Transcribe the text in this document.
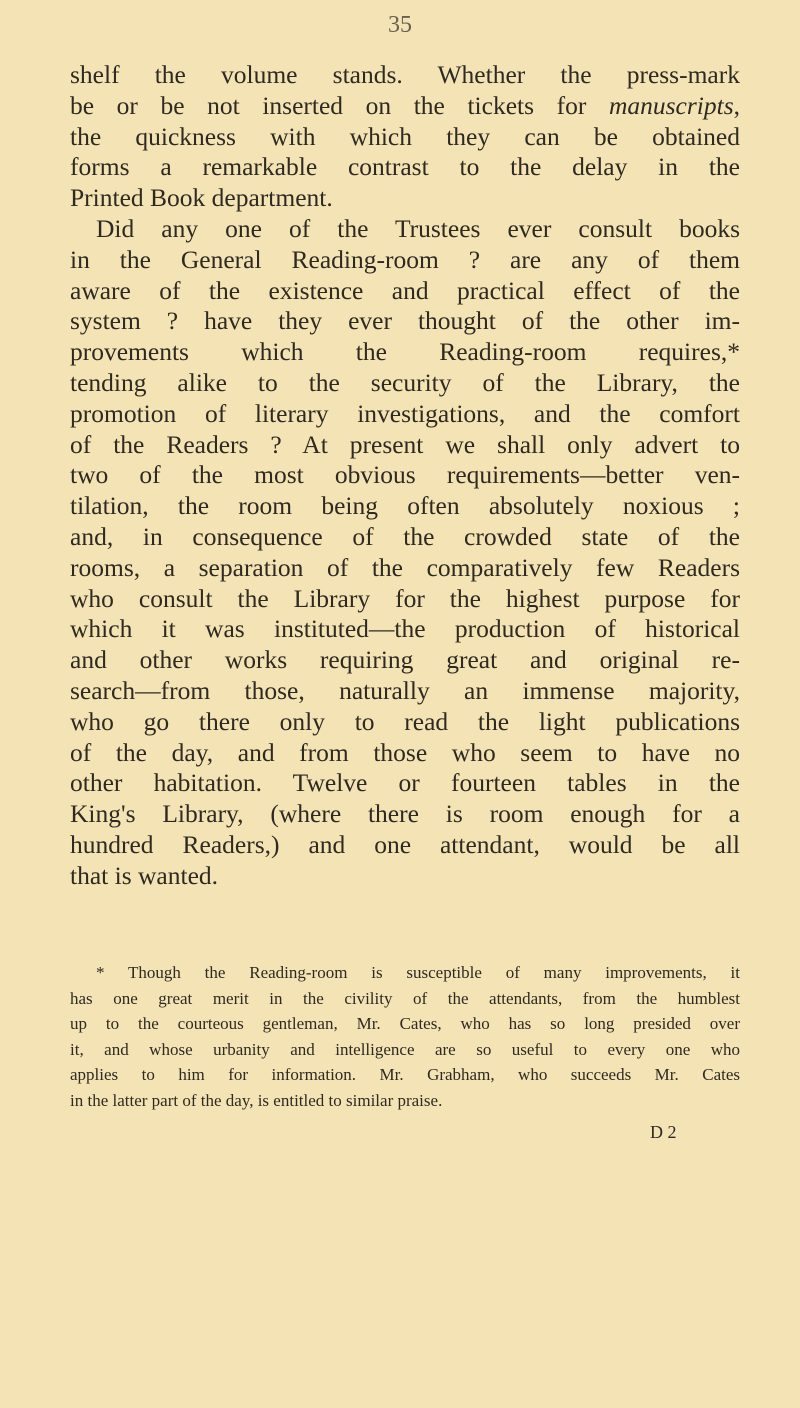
35
shelf the volume stands. Whether the press-mark
be or be not inserted on the tickets for manuscripts,
the quickness with which they can be obtained
forms a remarkable contrast to the delay in the
Printed Book department.
Did any one of the Trustees ever consult books
in the General Reading-room ? are any of them
aware of the existence and practical effect of the
system ? have they ever thought of the other im-
provements which the Reading-room requires,*
tending alike to the security of the Library, the
promotion of literary investigations, and the comfort
of the Readers ? At present we shall only advert to
two of the most obvious requirements—better ven-
tilation, the room being often absolutely noxious ;
and, in consequence of the crowded state of the
rooms, a separation of the comparatively few Readers
who consult the Library for the highest purpose for
which it was instituted—the production of historical
and other works requiring great and original re-
search—from those, naturally an immense majority,
who go there only to read the light publications
of the day, and from those who seem to have no
other habitation. Twelve or fourteen tables in the
King's Library, (where there is room enough for a
hundred Readers,) and one attendant, would be all
that is wanted.
* Though the Reading-room is susceptible of many improvements, it
has one great merit in the civility of the attendants, from the humblest
up to the courteous gentleman, Mr. Cates, who has so long presided over
it, and whose urbanity and intelligence are so useful to every one who
applies to him for information. Mr. Grabham, who succeeds Mr. Cates
in the latter part of the day, is entitled to similar praise.
D 2
